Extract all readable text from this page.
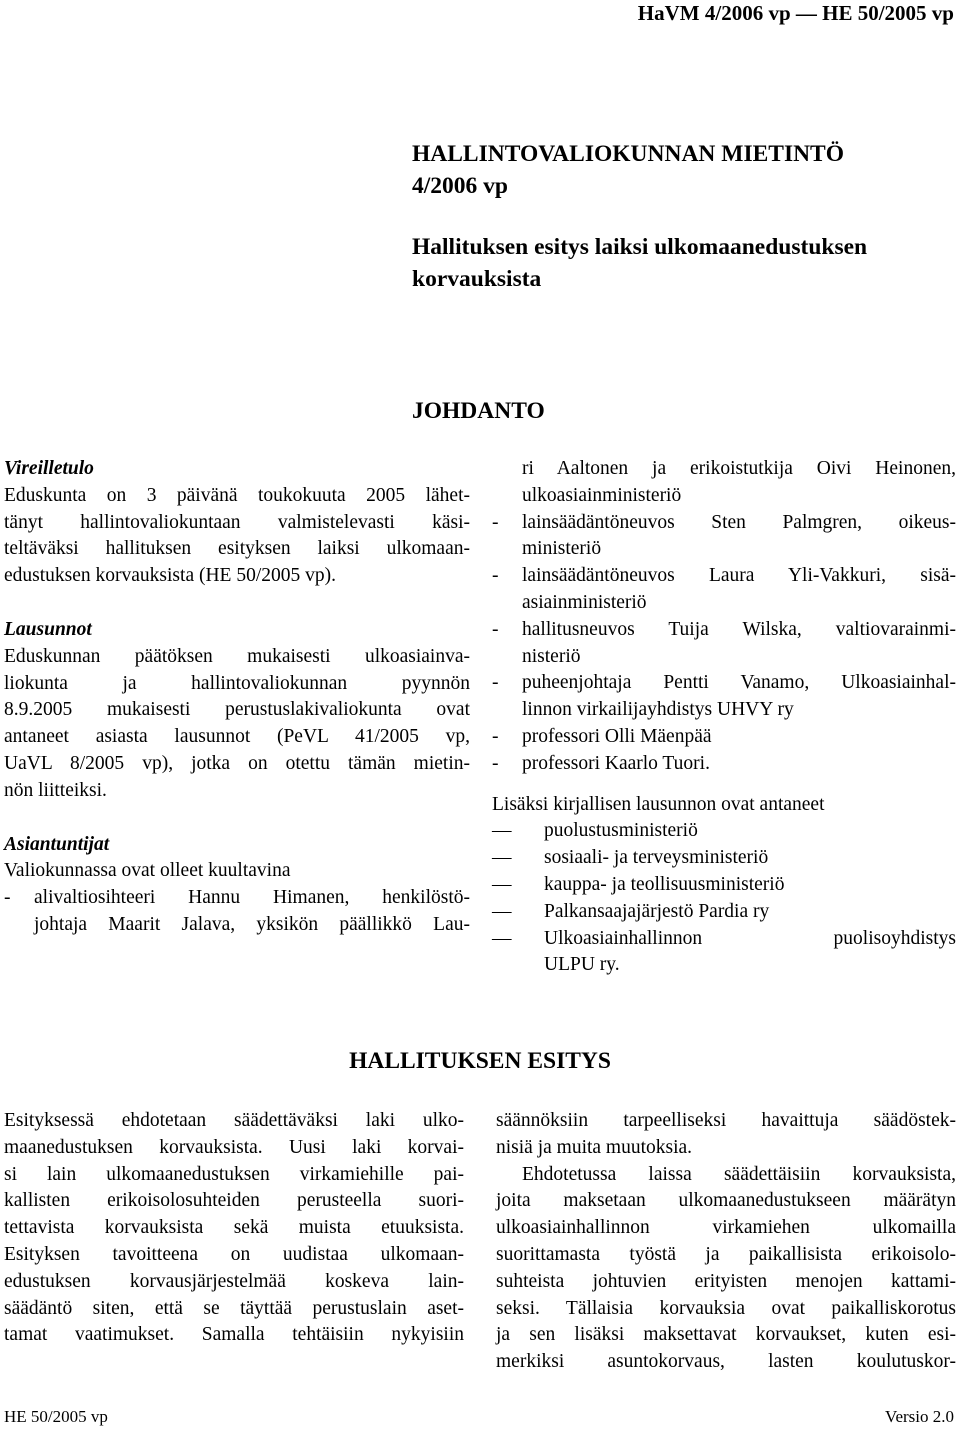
HaVM 4/2006 vp — HE 50/2005 vp
HALLINTOVALIOKUNNAN MIETINTÖ
4/2006 vp
Hallituksen esitys laiksi ulkomaanedustuksen
korvauksista
JOHDANTO

Vireilletulo

Eduskunta on 3 päivänä toukokuuta 2005 lähet-

tänyt hallintovaliokuntaan valmistelevasti käsi-

teltäväksi hallituksen esityksen laiksi ulkomaan-

edustuksen korvauksista (HE 50/2005 vp).

Lausunnot

Eduskunnan päätöksen mukaisesti ulkoasiainva-

liokunta ja hallintovaliokunnan pyynnön

8.9.2005 mukaisesti perustuslakivaliokunta ovat

antaneet asiasta lausunnot (PeVL 41/2005 vp,

UaVL 8/2005 vp), jotka on otettu tämän mietin-

nön liitteiksi.

Asiantuntijat

Valiokunnassa ovat olleet kuultavina

-	alivaltiosihteeri Hannu Himanen, henkilöstö-

johtaja Maarit Jalava, yksikön päällikkö Lau-

ri Aaltonen ja erikoistutkija Oivi Heinonen,

ulkoasiainministeriö

-	lainsäädäntöneuvos Sten Palmgren, oikeus-

ministeriö

-	lainsäädäntöneuvos Laura Yli-Vakkuri, sisä-

asiainministeriö

-	hallitusneuvos Tuija Wilska, valtiovarainmi-

nisteriö

-	puheenjohtaja Pentti Vanamo, Ulkoasiainhal-

linnon virkailijayhdistys UHVY ry

-	professori Olli Mäenpää

-	professori Kaarlo Tuori.

Lisäksi kirjallisen lausunnon ovat antaneet

—	puolustusministeriö

—	sosiaali- ja terveysministeriö

—	kauppa- ja teollisuusministeriö

—	Palkansaajajärjestö Pardia ry

—	Ulkoasiainhallinnon puolisoyhdistys

ULPU ry.

HALLITUKSEN ESITYS

Esityksessä ehdotetaan säädettäväksi laki ulko-

maanedustuksen korvauksista. Uusi laki korvai-

si lain ulkomaanedustuksen virkamiehille pai-

kallisten erikoisolosuhteiden perusteella suori-

tettavista korvauksista sekä muista etuuksista.

Esityksen tavoitteena on uudistaa ulkomaan-

edustuksen korvausjärjestelmää koskeva lain-

säädäntö siten, että se täyttää perustuslain aset-

tamat vaatimukset. Samalla tehtäisiin nykyisiin

säännöksiin tarpeelliseksi havaittuja säädöstek-

nisiä ja muita muutoksia.

Ehdotetussa laissa säädettäisiin korvauksista,

joita maksetaan ulkomaanedustukseen määrätyn

ulkoasiainhallinnon virkamiehen ulkomailla

suorittamasta työstä ja paikallisista erikoisolo-

suhteista johtuvien erityisten menojen kattami-

seksi. Tällaisia korvauksia ovat paikalliskorotus

ja sen lisäksi maksettavat korvaukset, kuten esi-

merkiksi asuntokorvaus, lasten koulutuskor-

HE 50/2005 vp	Versio 2.0
